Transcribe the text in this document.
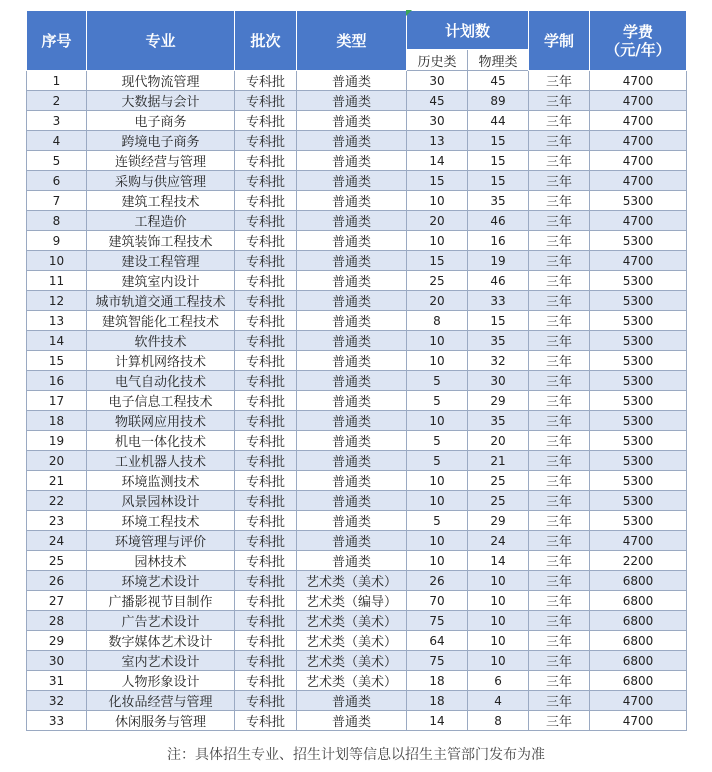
序号	专业	批次	类型	计划数		学制	学费
（元/年）
				历史类	物理类		
1	现代物流管理	专科批	普通类	30	45	三年	4700
2	大数据与会计	专科批	普通类	45	89	三年	4700
3	电子商务	专科批	普通类	30	44	三年	4700
4	跨境电子商务	专科批	普通类	13	15	三年	4700
5	连锁经营与管理	专科批	普通类	14	15	三年	4700
6	采购与供应管理	专科批	普通类	15	15	三年	4700
7	建筑工程技术	专科批	普通类	10	35	三年	5300
8	工程造价	专科批	普通类	20	46	三年	4700
9	建筑装饰工程技术	专科批	普通类	10	16	三年	5300
10	建设工程管理	专科批	普通类	15	19	三年	4700
11	建筑室内设计	专科批	普通类	25	46	三年	5300
12	城市轨道交通工程技术	专科批	普通类	20	33	三年	5300
13	建筑智能化工程技术	专科批	普通类	8	15	三年	5300
14	软件技术	专科批	普通类	10	35	三年	5300
15	计算机网络技术	专科批	普通类	10	32	三年	5300
16	电气自动化技术	专科批	普通类	5	30	三年	5300
17	电子信息工程技术	专科批	普通类	5	29	三年	5300
18	物联网应用技术	专科批	普通类	10	35	三年	5300
19	机电一体化技术	专科批	普通类	5	20	三年	5300
20	工业机器人技术	专科批	普通类	5	21	三年	5300
21	环境监测技术	专科批	普通类	10	25	三年	5300
22	风景园林设计	专科批	普通类	10	25	三年	5300
23	环境工程技术	专科批	普通类	5	29	三年	5300
24	环境管理与评价	专科批	普通类	10	24	三年	4700
25	园林技术	专科批	普通类	10	14	三年	2200
26	环境艺术设计	专科批	艺术类（美术）	26	10	三年	6800
27	广播影视节目制作	专科批	艺术类（编导）	70	10	三年	6800
28	广告艺术设计	专科批	艺术类（美术）	75	10	三年	6800
29	数字媒体艺术设计	专科批	艺术类（美术）	64	10	三年	6800
30	室内艺术设计	专科批	艺术类（美术）	75	10	三年	6800
31	人物形象设计	专科批	艺术类（美术）	18	6	三年	6800
32	化妆品经营与管理	专科批	普通类	18	4	三年	4700
33	休闲服务与管理	专科批	普通类	14	8	三年	4700
注：具体招生专业、招生计划等信息以招生主管部门发布为准
